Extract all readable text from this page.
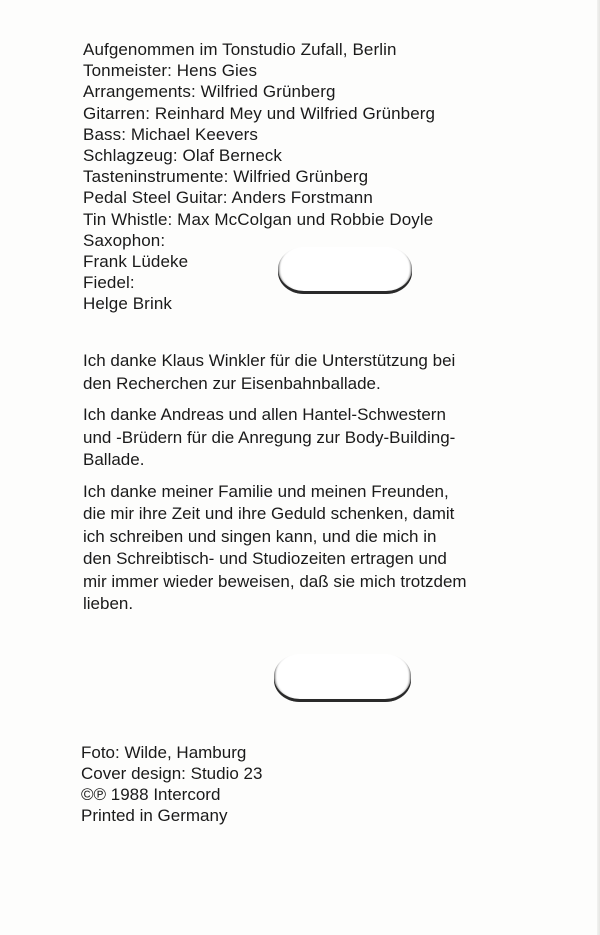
Aufgenommen im Tonstudio Zufall, Berlin
Tonmeister: Hens Gies
Arrangements: Wilfried Grünberg
Gitarren: Reinhard Mey und Wilfried Grünberg
Bass: Michael Keevers
Schlagzeug: Olaf Berneck
Tasteninstrumente: Wilfried Grünberg
Pedal Steel Guitar: Anders Forstmann
Tin Whistle: Max McColgan und Robbie Doyle
Saxophon:
Frank Lüdeke
Fiedel:
Helge Brink

Ich danke Klaus Winkler für die Unterstützung bei
den Recherchen zur Eisenbahnballade.

Ich danke Andreas und allen Hantel-Schwestern
und -Brüdern für die Anregung zur Body-Building-
Ballade.

Ich danke meiner Familie und meinen Freunden,
die mir ihre Zeit und ihre Geduld schenken, damit
ich schreiben und singen kann, und die mich in
den Schreibtisch- und Studiozeiten ertragen und
mir immer wieder beweisen, daß sie mich trotzdem
lieben.

Foto: Wilde, Hamburg
Cover design: Studio 23
©℗ 1988 Intercord
Printed in Germany
